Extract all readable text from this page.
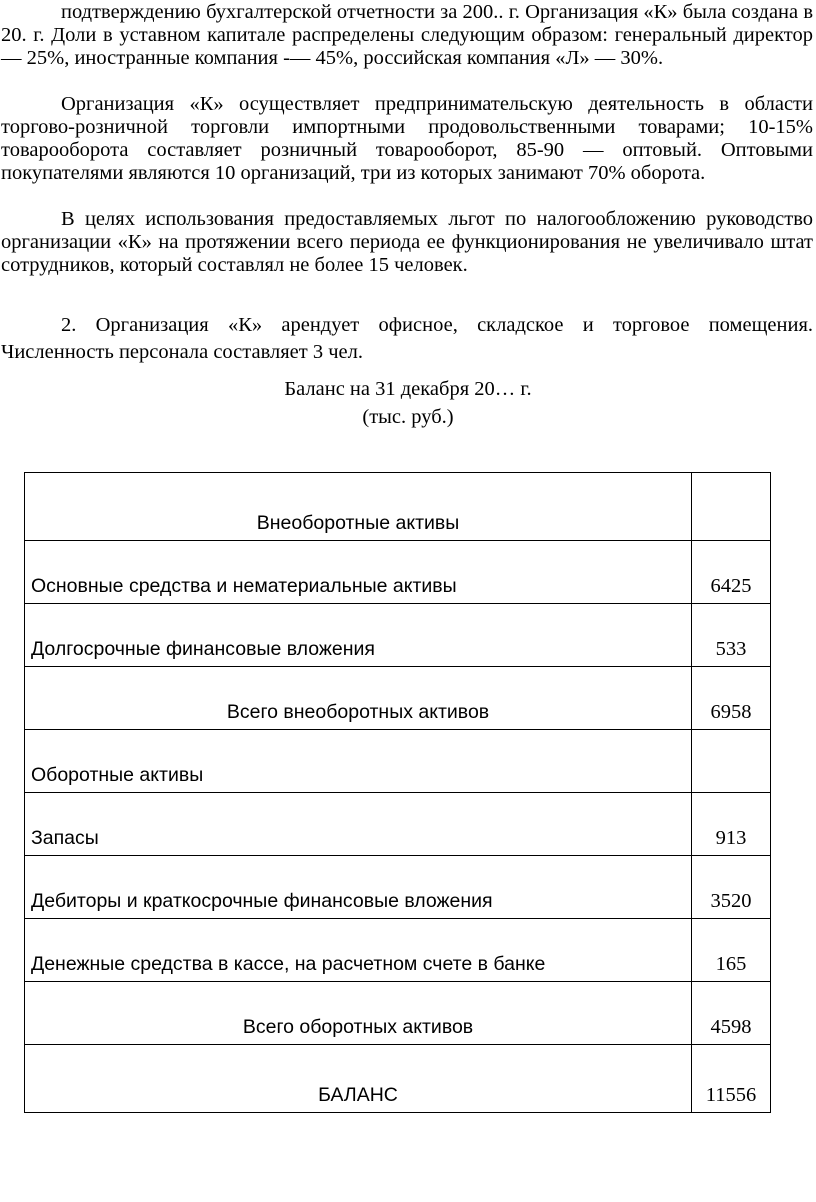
подтверждению бухгалтерской отчетности за 200.. г. Организация «К» была создана в 20. г. Доли в уставном капитале распределены следующим образом: генеральный директор — 25%, иностранные компания -— 45%, российская компания «Л» — 30%.

Организация «К» осуществляет предпринимательскую деятельность в области торгово-розничной торговли импортными продовольственными товарами; 10-15% товарооборота составляет розничный товарооборот, 85-90 — оптовый. Оптовыми покупателями являются 10 организаций, три из которых занимают 70% оборота.

В целях использования предоставляемых льгот по налогообложению руководство организации «К» на протяжении всего периода ее функционирования не увеличивало штат сотрудников, который составлял не более 15 человек.

2. Организация «К» арендует офисное, складское и торговое помещения. Численность персонала составляет 3 чел.

Баланс на 31 декабря 20… г.

(тыс. руб.)

Внеоборотные активы	
Основные средства и нематериальные активы	6425
Долгосрочные финансовые вложения	533
Всего внеоборотных активов	6958
Оборотные активы	
Запасы	913
Дебиторы и краткосрочные финансовые вложения	3520
Денежные средства в кассе, на расчетном счете в банке	165
Всего оборотных активов	4598
БАЛАНС	11556
